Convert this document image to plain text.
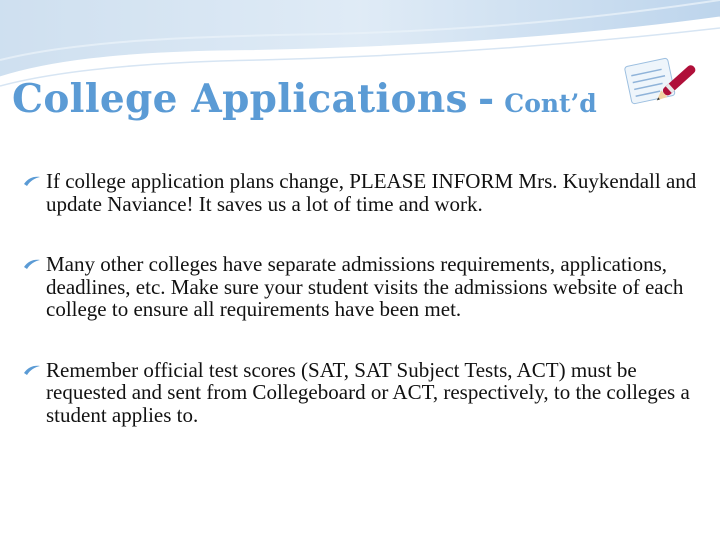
College Applications - Cont’d
If college application plans change, PLEASE INFORM Mrs. Kuykendall and update Naviance! It saves us a lot of time and work.
Many other colleges have separate admissions requirements, applications, deadlines, etc. Make sure your student visits the admissions website of each college to ensure all requirements have been met.
Remember official test scores (SAT, SAT Subject Tests, ACT) must be requested and sent from Collegeboard or ACT, respectively, to the colleges a student applies to.
